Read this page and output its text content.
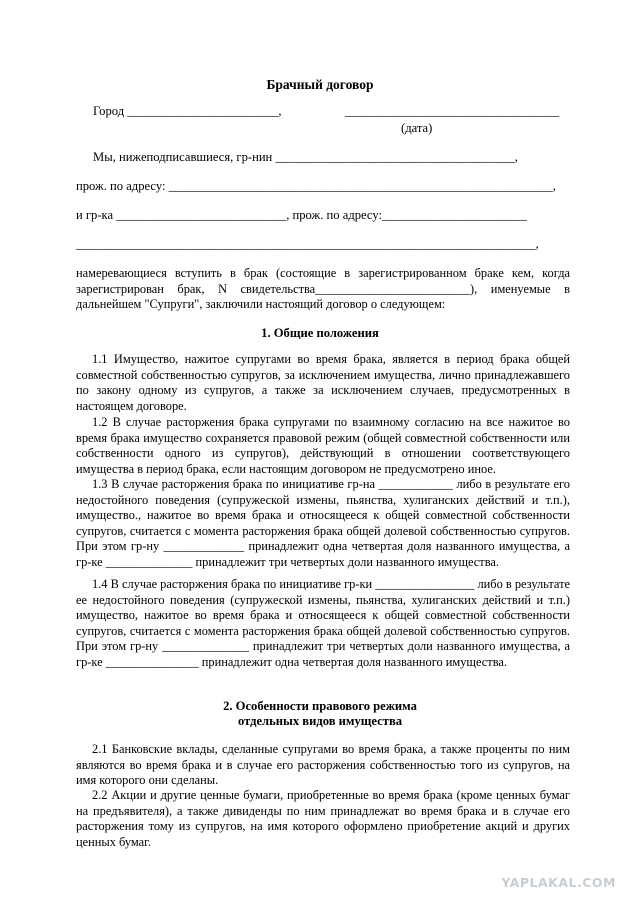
Брачный договор
Город ________________________,	__________________________________
(дата)
Мы, нижеподписавшиеся, гр-нин ______________________________________,
прож. по адресу: _____________________________________________________________,
и гр-ка ___________________________, прож. по адресу:_______________________
_________________________________________________________________________,
намеревающиеся вступить в брак (состоящие в зарегистрированном браке кем, когда зарегистрирован брак, N свидетельства_________________________), именуемые в дальнейшем "Супруги", заключили настоящий договор о следующем:
1. Общие положения
1.1 Имущество, нажитое супругами во время брака, является в период брака общей совместной собственностью супругов, за исключением имущества, лично принадлежавшего по закону одному из супругов, а также за исключением случаев, предусмотренных в настоящем договоре.
1.2 В случае расторжения брака супругами по взаимному согласию на все нажитое во время брака имущество сохраняется правовой режим (общей совместной собственности или собственности одного из супругов), действующий в отношении соответствующего имущества в период брака, если настоящим договором не предусмотрено иное.
1.3 В случае расторжения брака по инициативе гр-на ____________ либо в результате его недостойного поведения (супружеской измены, пьянства, хулиганских действий и т.п.), имущество., нажитое во время брака и относящееся к общей совместной собственности супругов, считается с момента расторжения брака общей долевой собственностью супругов. При этом гр-ну _____________ принадлежит одна четвертая доля названного имущества, а гр-ке ______________ принадлежит три четвертых доли названного имущества.
1.4 В случае расторжения брака по инициативе гр-ки ________________ либо в результате ее недостойного поведения (супружеской измены, пьянства, хулиганских действий и т.п.) имущество, нажитое во время брака и относящееся к общей совместной собственности супругов, считается с момента расторжения брака общей долевой собственностью супругов. При этом гр-ну ______________ принадлежит три четвертых доли названного имущества, а гр-ке _______________ принадлежит одна четвертая доля названного имущества.
2. Особенности правового режима
отдельных видов имущества
2.1 Банковские вклады, сделанные супругами во время брака, а также проценты по ним являются во время брака и в случае его расторжения собственностью того из супругов, на имя которого они сделаны.
2.2 Акции и другие ценные бумаги, приобретенные во время брака (кроме ценных бумаг на предъявителя), а также дивиденды по ним принадлежат во время брака и в случае его расторжения тому из супругов, на имя которого оформлено приобретение акций и других ценных бумаг.
YAPLAKAL.COM
